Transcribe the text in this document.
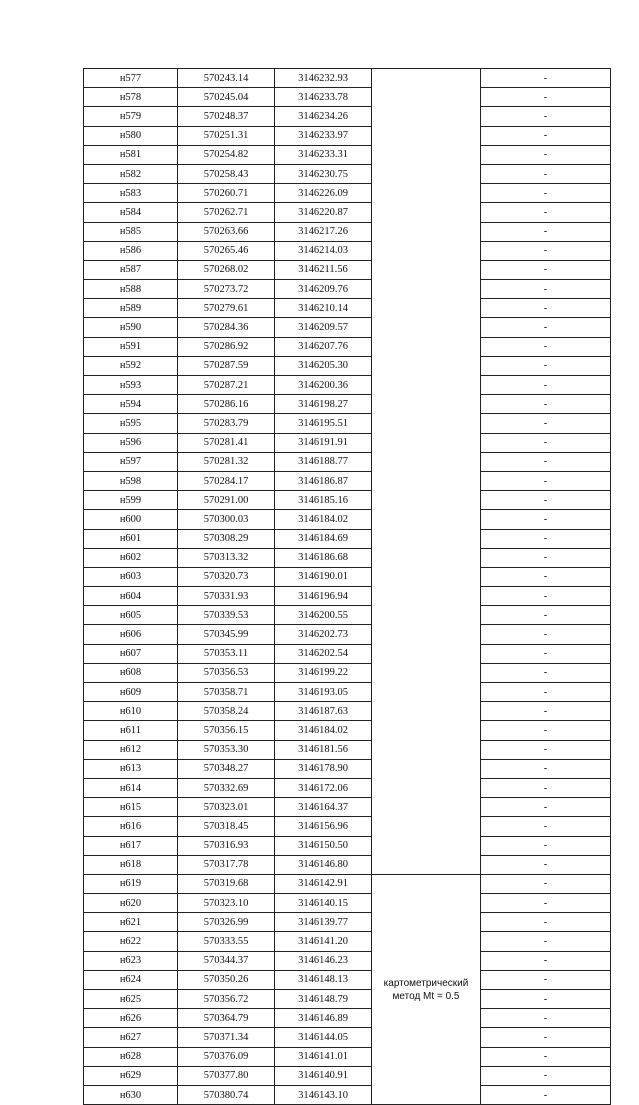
н577	570243.14	3146232.93		-
н578	570245.04	3146233.78		-
н579	570248.37	3146234.26		-
н580	570251.31	3146233.97		-
н581	570254.82	3146233.31		-
н582	570258.43	3146230.75		-
н583	570260.71	3146226.09		-
н584	570262.71	3146220.87		-
н585	570263.66	3146217.26		-
н586	570265.46	3146214.03		-
н587	570268.02	3146211.56		-
н588	570273.72	3146209.76		-
н589	570279.61	3146210.14		-
н590	570284.36	3146209.57		-
н591	570286.92	3146207.76		-
н592	570287.59	3146205.30		-
н593	570287.21	3146200.36		-
н594	570286.16	3146198.27		-
н595	570283.79	3146195.51		-
н596	570281.41	3146191.91		-
н597	570281.32	3146188.77		-
н598	570284.17	3146186.87		-
н599	570291.00	3146185.16		-
н600	570300.03	3146184.02		-
н601	570308.29	3146184.69		-
н602	570313.32	3146186.68		-
н603	570320.73	3146190.01		-
н604	570331.93	3146196.94		-
н605	570339.53	3146200.55		-
н606	570345.99	3146202.73		-
н607	570353.11	3146202.54		-
н608	570356.53	3146199.22		-
н609	570358.71	3146193.05		-
н610	570358.24	3146187.63		-
н611	570356.15	3146184.02		-
н612	570353.30	3146181.56		-
н613	570348.27	3146178.90		-
н614	570332.69	3146172.06		-
н615	570323.01	3146164.37		-
н616	570318.45	3146156.96		-
н617	570316.93	3146150.50		-
н618	570317.78	3146146.80		-
н619	570319.68	3146142.91	картометрический метод Mt = 0.5	-
н620	570323.10	3146140.15		-
н621	570326.99	3146139.77		-
н622	570333.55	3146141.20		-
н623	570344.37	3146146.23		-
н624	570350.26	3146148.13		-
н625	570356.72	3146148.79		-
н626	570364.79	3146146.89		-
н627	570371.34	3146144.05		-
н628	570376.09	3146141.01		-
н629	570377.80	3146140.91		-
н630	570380.74	3146143.10		-
